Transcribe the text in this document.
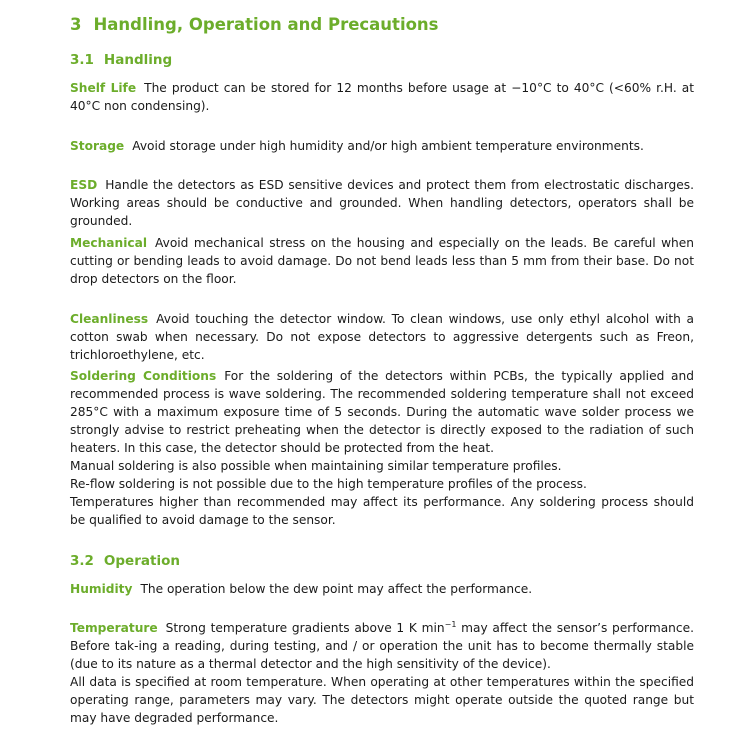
3 Handling, Operation and Precautions
3.1 Handling

Shelf Life The product can be stored for 12 months before usage at −10°C to 40°C (<60% r.H. at 40°C non condensing).

Storage Avoid storage under high humidity and/or high ambient temperature environments.

ESD Handle the detectors as ESD sensitive devices and protect them from electrostatic discharges. Working areas should be conductive and grounded. When handling detectors, operators shall be grounded.

Mechanical Avoid mechanical stress on the housing and especially on the leads. Be careful when cutting or bending leads to avoid damage. Do not bend leads less than 5 mm from their base. Do not drop detectors on the floor.

Cleanliness Avoid touching the detector window. To clean windows, use only ethyl alcohol with a cotton swab when necessary. Do not expose detectors to aggressive detergents such as Freon, trichloroethylene, etc.

Soldering Conditions For the soldering of the detectors within PCBs, the typically applied and recommended process is wave soldering. The recommended soldering temperature shall not exceed 285°C with a maximum exposure time of 5 seconds. During the automatic wave solder process we strongly advise to restrict preheating when the detector is directly exposed to the radiation of such heaters. In this case, the detector should be protected from the heat.
Manual soldering is also possible when maintaining similar temperature profiles.
Re-flow soldering is not possible due to the high temperature profiles of the process.
Temperatures higher than recommended may affect its performance. Any soldering process should be qualified to avoid damage to the sensor.

3.2 Operation

Humidity The operation below the dew point may affect the performance.

Temperature Strong temperature gradients above 1 K $\min^{-1}$ may affect the sensor’s performance. Before tak-ing a reading, during testing, and / or operation the unit has to become thermally stable (due to its nature as a thermal detector and the high sensitivity of the device).
All data is specified at room temperature. When operating at other temperatures within the specified operating range, parameters may vary. The detectors might operate outside the quoted range but may have degraded performance.
